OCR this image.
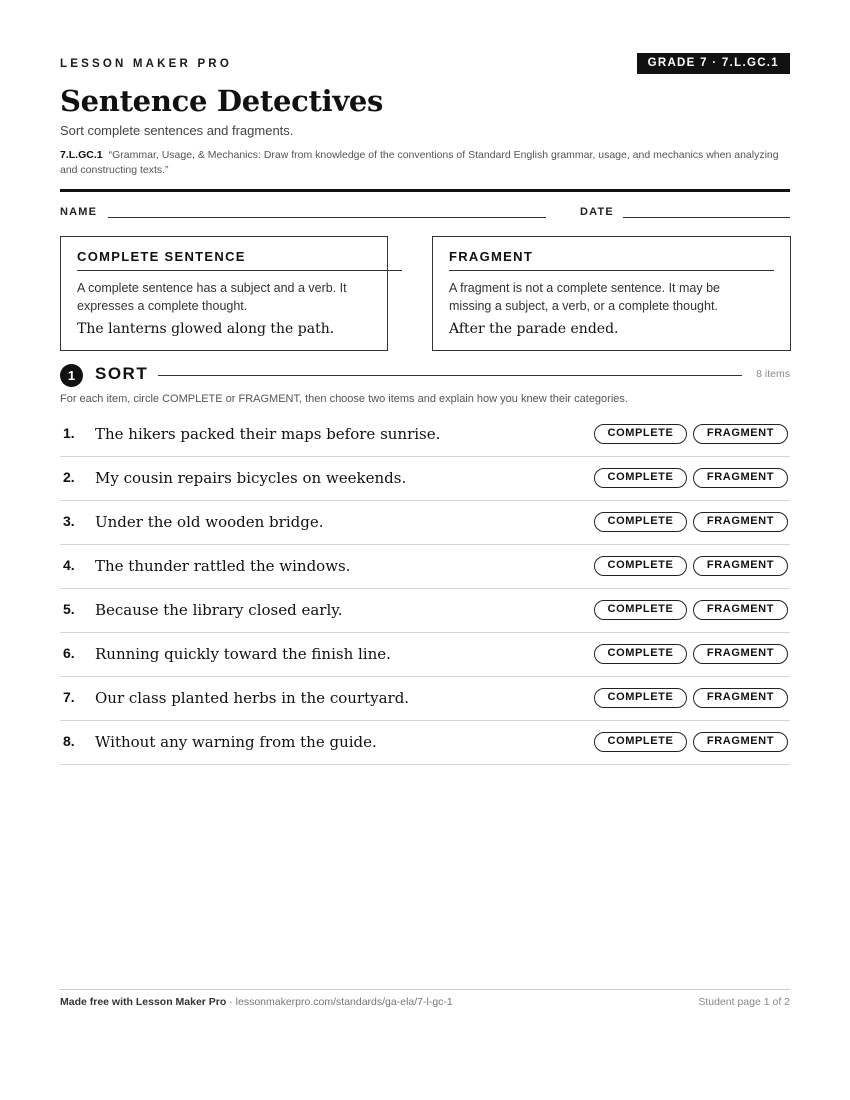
LESSON MAKER PRO	GRADE 7 · 7.L.GC.1
Sentence Detectives
Sort complete sentences and fragments.
7.L.GC.1 “Grammar, Usage, & Mechanics: Draw from knowledge of the conventions of Standard English grammar, usage, and mechanics when analyzing and constructing texts.”
NAME	DATE
COMPLETE SENTENCE
A complete sentence has a subject and a verb. It expresses a complete thought.
The lanterns glowed along the path.
FRAGMENT
A fragment is not a complete sentence. It may be missing a subject, a verb, or a complete thought.
After the parade ended.
1	SORT	8 items
For each item, circle COMPLETE or FRAGMENT, then choose two items and explain how you knew their categories.
1. The hikers packed their maps before sunrise.	COMPLETE	FRAGMENT
2. My cousin repairs bicycles on weekends.	COMPLETE	FRAGMENT
3. Under the old wooden bridge.	COMPLETE	FRAGMENT
4. The thunder rattled the windows.	COMPLETE	FRAGMENT
5. Because the library closed early.	COMPLETE	FRAGMENT
6. Running quickly toward the finish line.	COMPLETE	FRAGMENT
7. Our class planted herbs in the courtyard.	COMPLETE	FRAGMENT
8. Without any warning from the guide.	COMPLETE	FRAGMENT
Made free with Lesson Maker Pro · lessonmakerpro.com/standards/ga-ela/7-l-gc-1	Student page 1 of 2
